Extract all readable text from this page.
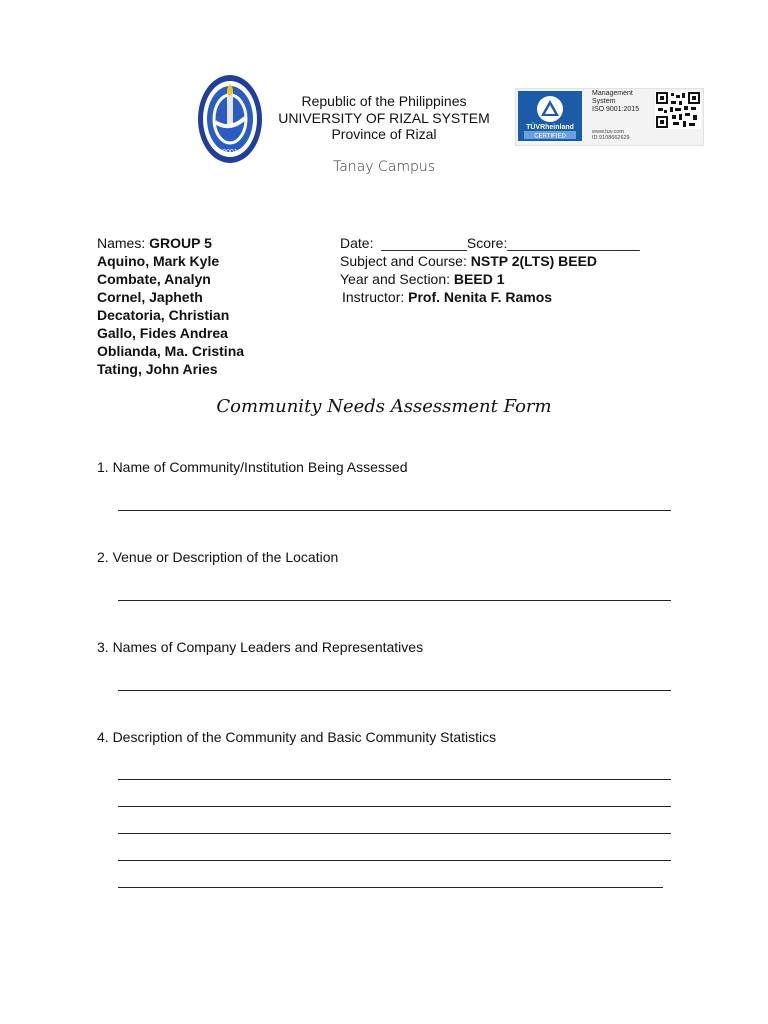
2001
Republic of the Philippines
UNIVERSITY OF RIZAL SYSTEM
Province of Rizal
Tanay Campus
TÜVRheinland
CERTIFIED
Management
System
ISO 9001:2015
www.tuv.com
ID 9108662629
Names: GROUP 5
Aquino, Mark Kyle
Combate, Analyn
Cornel, Japheth
Decatoria, Christian
Gallo, Fides Andrea
Oblianda, Ma. Cristina
Tating, John Aries
Date:  ___________Score:_________________
Subject and Course: NSTP 2(LTS) BEED
Year and Section: BEED 1
Instructor: Prof. Nenita F. Ramos
Community Needs Assessment Form
1. Name of Community/Institution Being Assessed
2. Venue or Description of the Location
3. Names of Company Leaders and Representatives
4. Description of the Community and Basic Community Statistics
